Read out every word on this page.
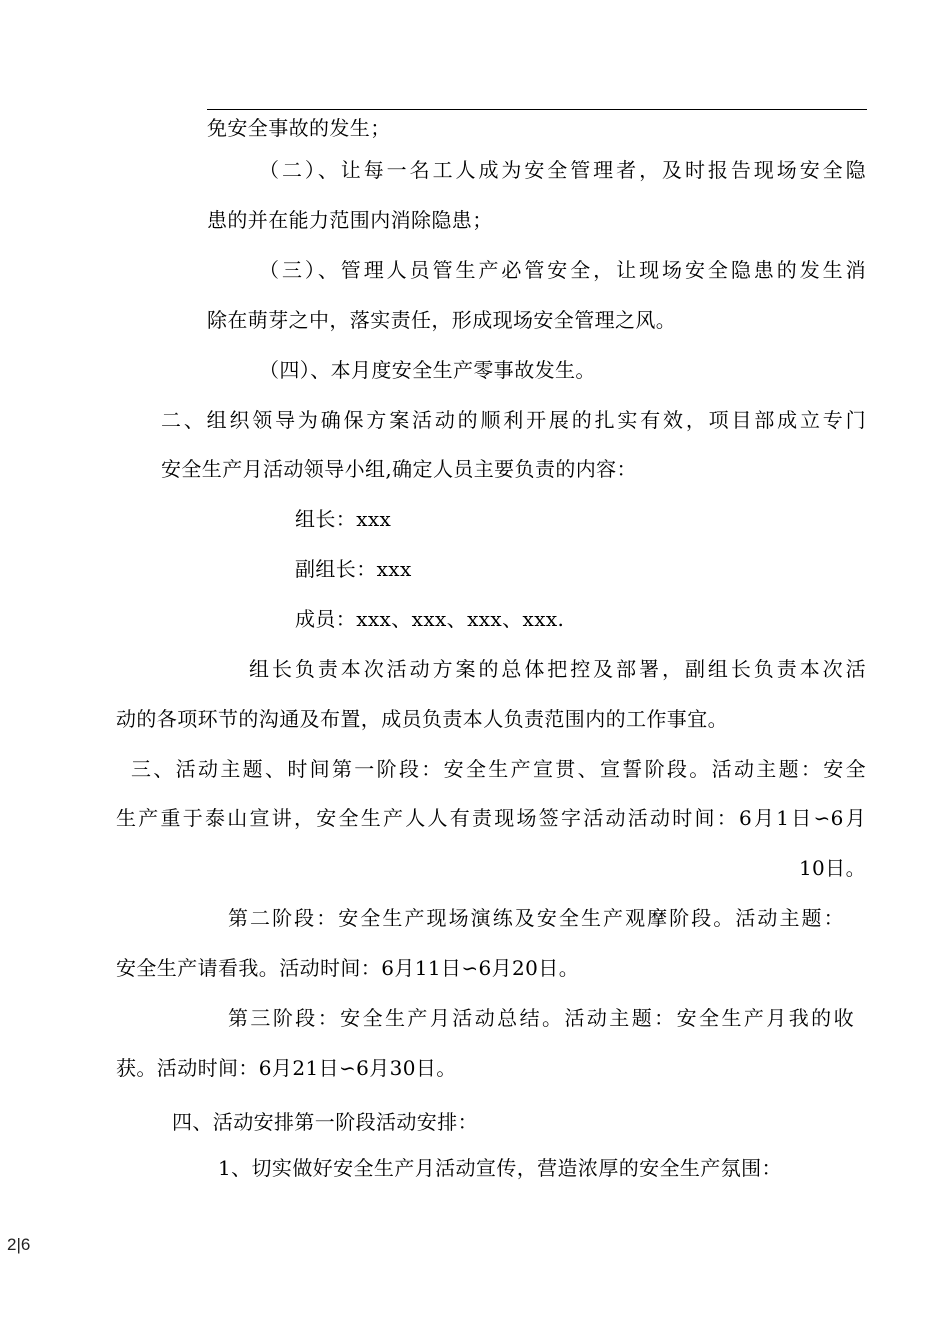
免安全事故的发生；
（二）、让每一名工人成为安全管理者，及时报告现场安全隐
患的并在能力范围内消除隐患；
（三）、管理人员管生产必管安全，让现场安全隐患的发生消
除在萌芽之中，落实责任，形成现场安全管理之风。
（四）、本月度安全生产零事故发生。
二、组织领导为确保方案活动的顺利开展的扎实有效，项目部成立专门
安全生产月活动领导小组,确定人员主要负责的内容：
组长：xxx
副组长：xxx
成员：xxx、xxx、xxx、xxx.
组长负责本次活动方案的总体把控及部署，副组长负责本次活
动的各项环节的沟通及布置，成员负责本人负责范围内的工作事宜。
三、活动主题、时间第一阶段：安全生产宣贯、宣誓阶段。活动主题：安全
生产重于泰山宣讲，安全生产人人有责现场签字活动活动时间：6月1日∽6月
10日。
第二阶段：安全生产现场演练及安全生产观摩阶段。活动主题：
安全生产请看我。活动时间：6月11日∽6月20日。
第三阶段：安全生产月活动总结。活动主题：安全生产月我的收
获。活动时间：6月21日∽6月30日。
四、活动安排第一阶段活动安排：
1、切实做好安全生产月活动宣传，营造浓厚的安全生产氛围：
2|6
